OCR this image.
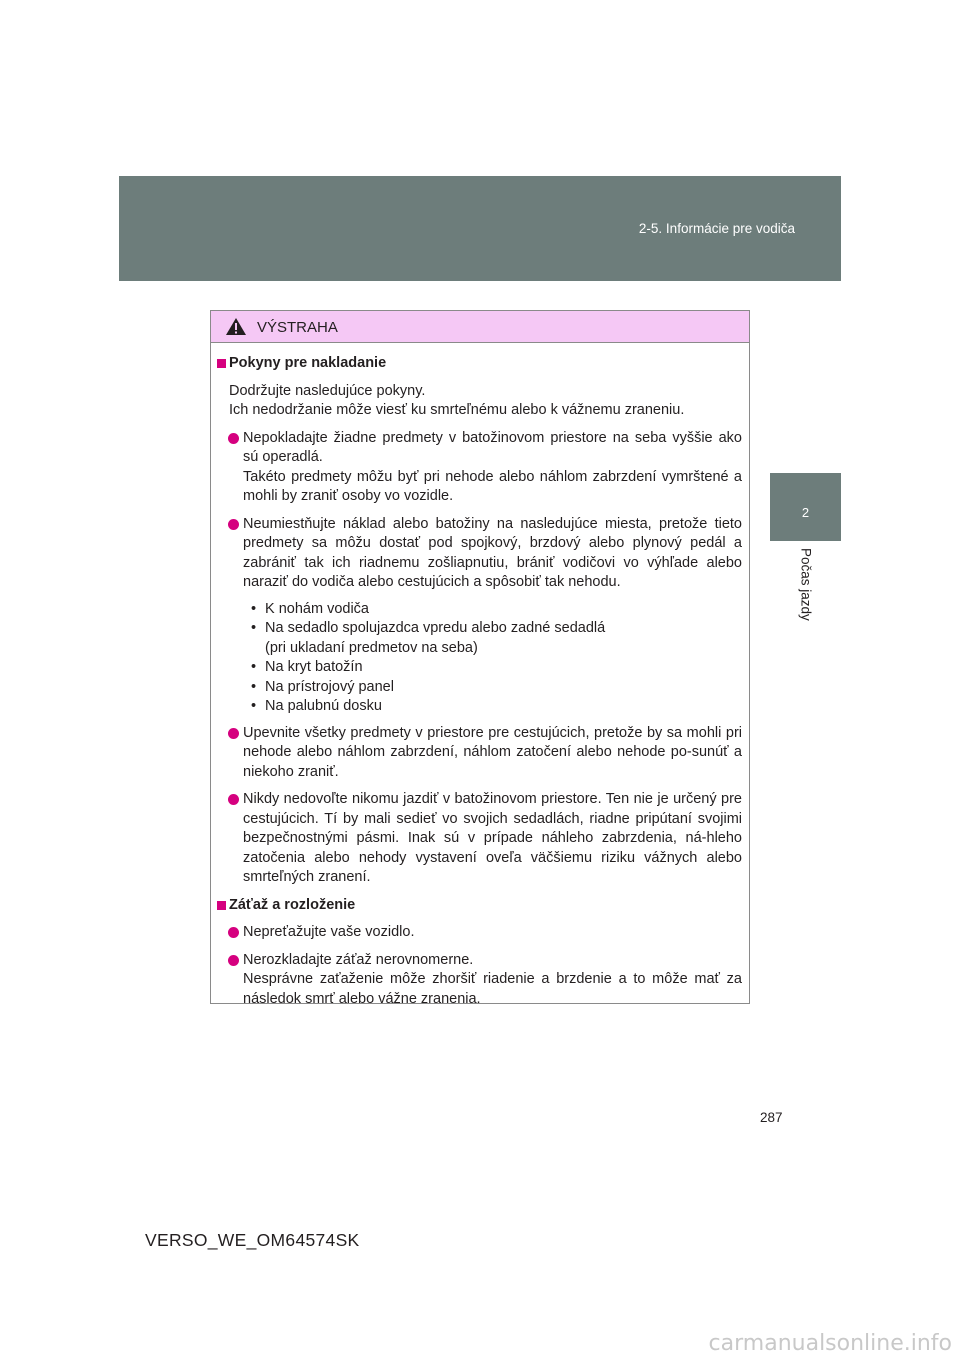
2-5. Informácie pre vodiča
2
Počas jazdy
VÝSTRAHA
Pokyny pre nakladanie

Dodržujte nasledujúce pokyny.

Ich nedodržanie môže viesť ku smrteľnému alebo k vážnemu zraneniu.

Nepokladajte žiadne predmety v batožinovom priestore na seba vyššie ako sú operadlá.

Takéto predmety môžu byť pri nehode alebo náhlom zabrzdení vymrštené a mohli by zraniť osoby vo vozidle.

Neumiestňujte náklad alebo batožiny na nasledujúce miesta, pretože tieto predmety sa môžu dostať pod spojkový, brzdový alebo plynový pedál a zabrániť tak ich riadnemu zošliapnutiu, brániť vodičovi vo výhľade alebo naraziť do vodiča alebo cestujúcich a spôsobiť tak nehodu.

• K nohám vodiča
• Na sedadlo spolujazdca vpredu alebo zadné sedadlá
(pri ukladaní predmetov na seba)
• Na kryt batožín
• Na prístrojový panel
• Na palubnú dosku

Upevnite všetky predmety v priestore pre cestujúcich, pretože by sa mohli pri nehode alebo náhlom zabrzdení, náhlom zatočení alebo nehode po-sunúť a niekoho zraniť.

Nikdy nedovoľte nikomu jazdiť v batožinovom priestore. Ten nie je určený pre cestujúcich. Tí by mali sedieť vo svojich sedadlách, riadne pripútaní svojimi bezpečnostnými pásmi. Inak sú v prípade náhleho zabrzdenia, ná-hleho zatočenia alebo nehody vystavení oveľa väčšiemu riziku vážnych alebo smrteľných zranení.

Záťaž a rozloženie

Nepreťažujte vaše vozidlo.

Nerozkladajte záťaž nerovnomerne.

Nesprávne zaťaženie môže zhoršiť riadenie a brzdenie a to môže mať za následok smrť alebo vážne zranenia.

287
VERSO_WE_OM64574SK
carmanualsonline.info
